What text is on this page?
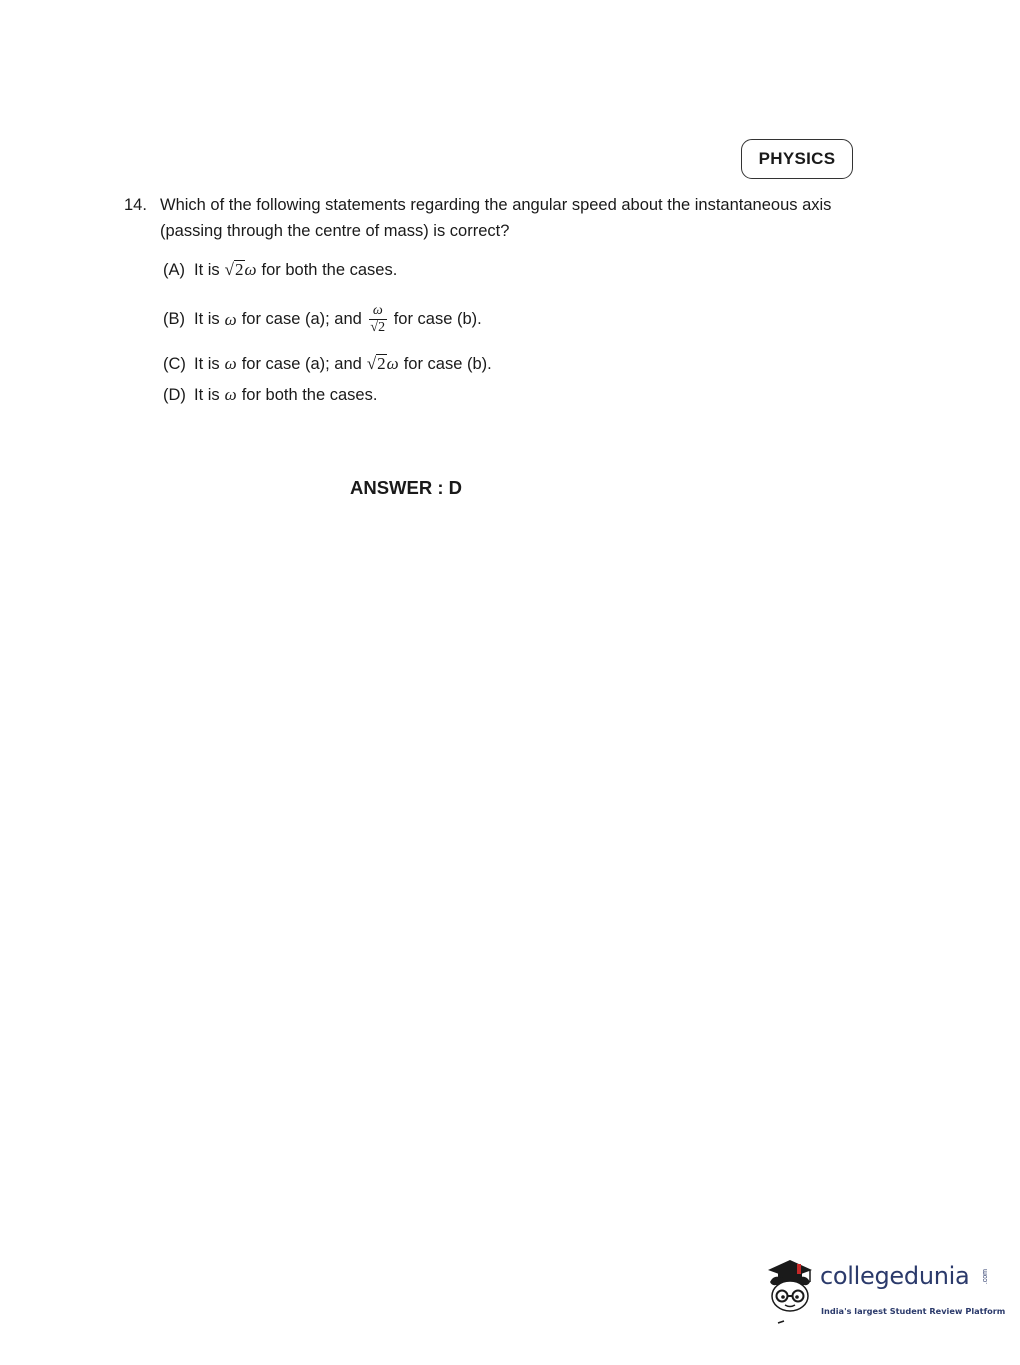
PHYSICS
14. Which of the following statements regarding the angular speed about the instantaneous axis (passing through the centre of mass) is correct?
(A) It is √ 2 ω for both the cases.
(B) It is ω for case (a); and $\frac{\omega}{√2}$ for case (b).
(C) It is ω for case (a); and √ 2 ω for case (b).
(D) It is ω for both the cases.
ANSWER : D
collegedunia .com
India's largest Student Review Platform
